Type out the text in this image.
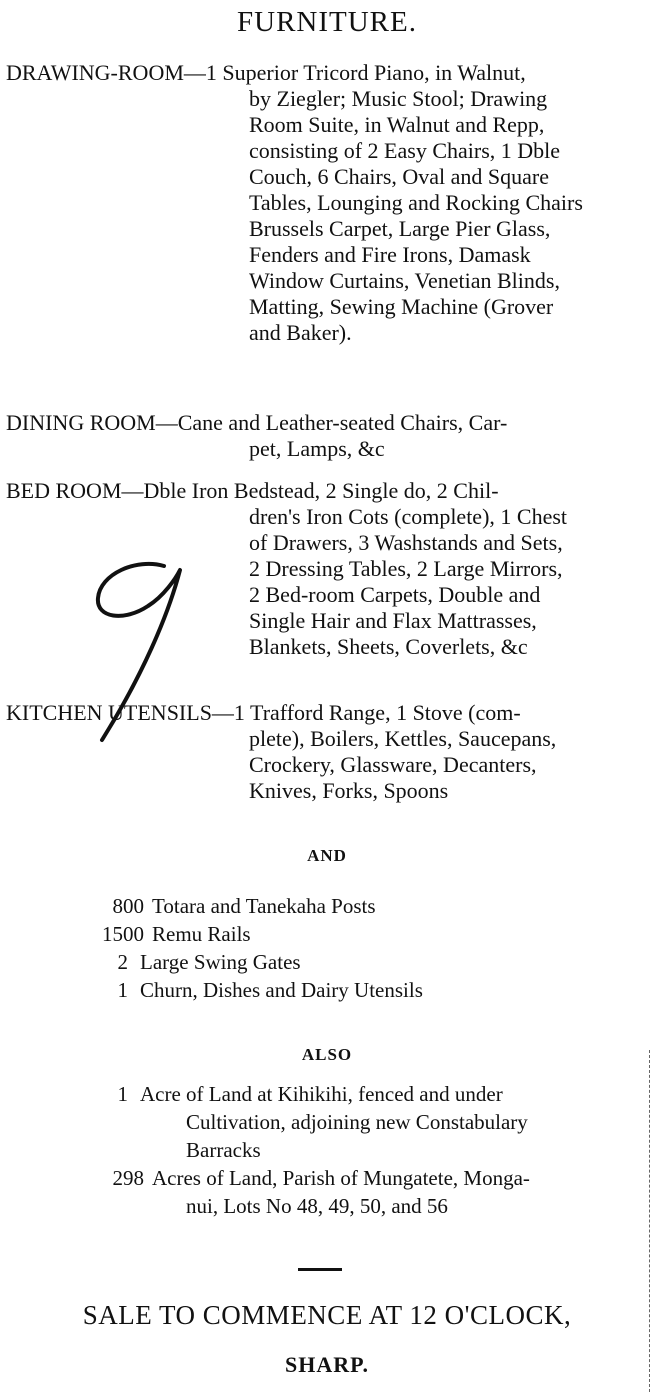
FURNITURE.
DRAWING-ROOM—1 Superior Tricord Piano, in Walnut,
by Ziegler; Music Stool; Drawing
Room Suite, in Walnut and Repp,
consisting of 2 Easy Chairs, 1 Dble
Couch, 6 Chairs, Oval and Square
Tables, Lounging and Rocking Chairs
Brussels Carpet, Large Pier Glass,
Fenders and Fire Irons, Damask
Window Curtains, Venetian Blinds,
Matting, Sewing Machine (Grover
and Baker).
DINING ROOM—Cane and Leather-seated Chairs, Car-
pet, Lamps, &c
BED ROOM—Dble Iron Bedstead, 2 Single do, 2 Chil-
dren's Iron Cots (complete), 1 Chest
of Drawers, 3 Washstands and Sets,
2 Dressing Tables, 2 Large Mirrors,
2 Bed-room Carpets, Double and
Single Hair and Flax Mattrasses,
Blankets, Sheets, Coverlets, &c
KITCHEN UTENSILS—1 Trafford Range, 1 Stove (com-
plete), Boilers, Kettles, Saucepans,
Crockery, Glassware, Decanters,
Knives, Forks, Spoons
AND
800 Totara and Tanekaha Posts
1500 Remu Rails
2 Large Swing Gates
1 Churn, Dishes and Dairy Utensils
ALSO
1 Acre of Land at Kihikihi, fenced and under
Cultivation, adjoining new Constabulary
Barracks
298 Acres of Land, Parish of Mungatete, Monga-
nui, Lots No 48, 49, 50, and 56
SALE TO COMMENCE AT 12 O'CLOCK,
SHARP.
